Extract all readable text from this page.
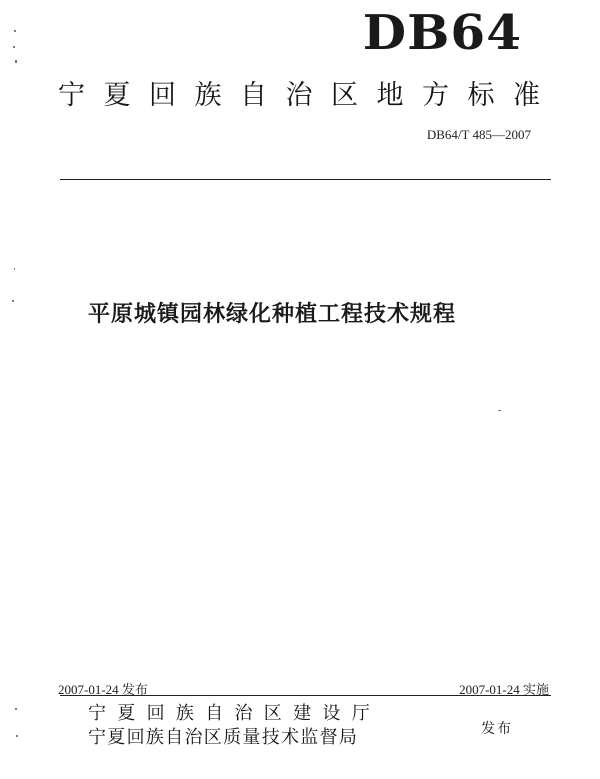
DB64
宁夏回族自治区地方标准
DB64/T 485—2007
平原城镇园林绿化种植工程技术规程
2007-01-24 发布	2007-01-24 实施
宁夏回族自治区建设厅
宁夏回族自治区质量技术监督局	发布
